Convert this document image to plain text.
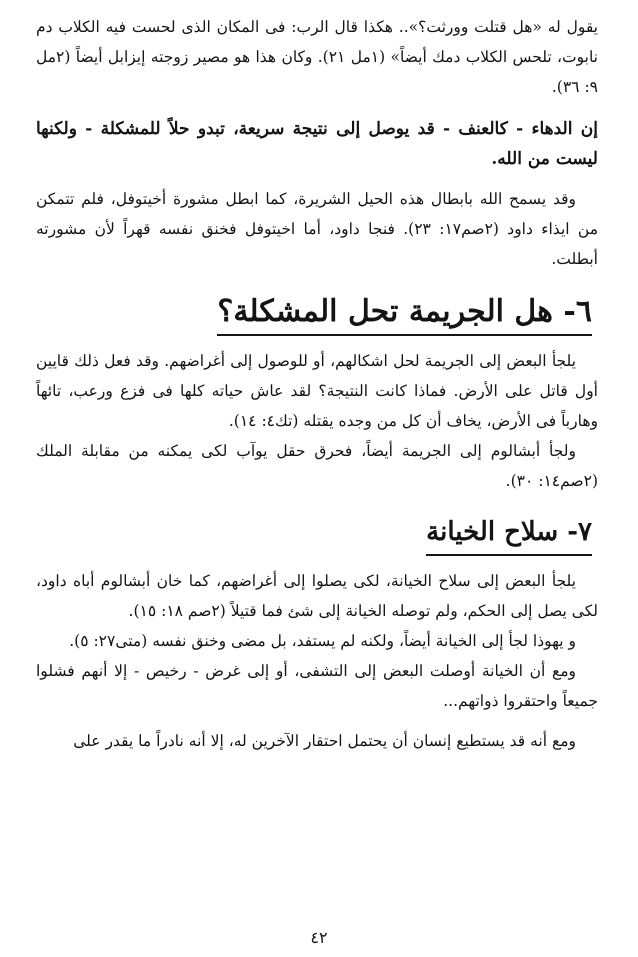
يقول له «هل قتلت وورثت؟».. هكذا قال الرب: فى المكان الذى لحست فيه الكلاب دم نابوت، تلحس الكلاب دمك أيضاً» (١مل ٢١). وكان هذا هو مصير زوجته إيزابل أيضاً (٢مل ٩: ٣٦).

إن الدهاء - كالعنف - قد يوصل إلى نتيجة سريعة، تبدو حلاً للمشكلة - ولكنها ليست من الله.

وقد يسمح الله بابطال هذه الحيل الشريرة، كما ابطل مشورة أخيتوفل، فلم تتمكن من ايذاء داود (٢صم١٧: ٢٣). فنجا داود، أما اخيتوفل فخنق نفسه قهراً لأن مشورته أبطلت.

٦- هل الجريمة تحل المشكلة؟

يلجأ البعض إلى الجريمة لحل اشكالهم، أو للوصول إلى أغراضهم. وقد فعل ذلك قايين أول قاتل على الأرض. فماذا كانت النتيجة؟ لقد عاش حياته كلها فى فزع ورعب، تائهاً وهارباً فى الأرض، يخاف أن كل من وجده يقتله (تك٤: ١٤).

ولجأ أبشالوم إلى الجريمة أيضاً، فحرق حقل يوآب لكى يمكنه من مقابلة الملك (٢صم١٤: ٣٠).

٧- سلاح الخيانة

يلجأ البعض إلى سلاح الخيانة، لكى يصلوا إلى أغراضهم، كما خان أبشالوم أباه داود، لكى يصل إلى الحكم، ولم توصله الخيانة إلى شئ فما قتيلاً (٢صم ١٨: ١٥).

و يهوذا لجأ إلى الخيانة أيضاً، ولكنه لم يستفد، بل مضى وخنق نفسه (متى٢٧: ٥).

ومع أن الخيانة أوصلت البعض إلى التشفى، أو إلى غرض - رخيص - إلا أنهم فشلوا جميعاً واحتقروا ذواتهم...

ومع أنه قد يستطيع إنسان أن يحتمل احتقار الآخرين له، إلا أنه نادراً ما يقدر على

٤٢
